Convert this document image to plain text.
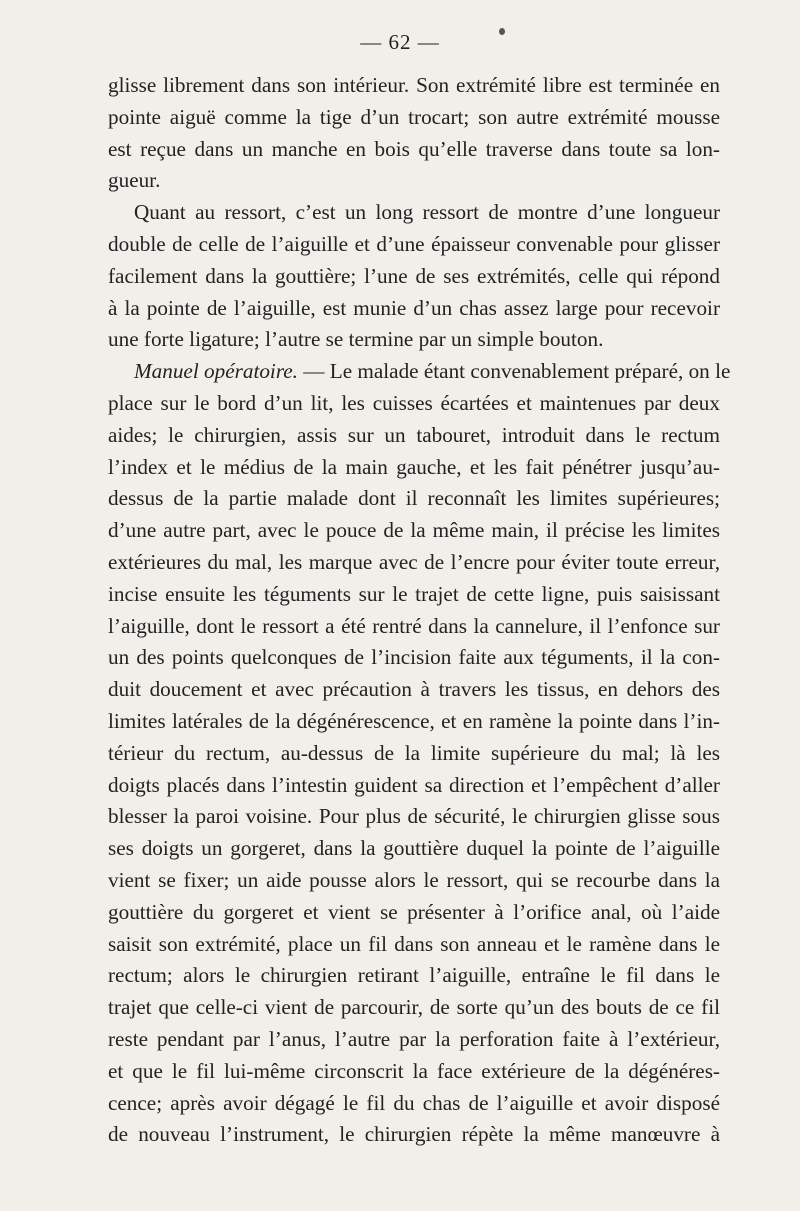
— 62 —
glisse librement dans son intérieur. Son extrémité libre est terminée en
pointe aiguë comme la tige d’un trocart; son autre extrémité mousse
est reçue dans un manche en bois qu’elle traverse dans toute sa lon-
gueur.
Quant au ressort, c’est un long ressort de montre d’une longueur
double de celle de l’aiguille et d’une épaisseur convenable pour glisser
facilement dans la gouttière; l’une de ses extrémités, celle qui répond
à la pointe de l’aiguille, est munie d’un chas assez large pour recevoir
une forte ligature; l’autre se termine par un simple bouton.
Manuel opératoire. — Le malade étant convenablement préparé, on le
place sur le bord d’un lit, les cuisses écartées et maintenues par deux
aides; le chirurgien, assis sur un tabouret, introduit dans le rectum
l’index et le médius de la main gauche, et les fait pénétrer jusqu’au-
dessus de la partie malade dont il reconnaît les limites supérieures;
d’une autre part, avec le pouce de la même main, il précise les limites
extérieures du mal, les marque avec de l’encre pour éviter toute erreur,
incise ensuite les téguments sur le trajet de cette ligne, puis saisissant
l’aiguille, dont le ressort a été rentré dans la cannelure, il l’enfonce sur
un des points quelconques de l’incision faite aux téguments, il la con-
duit doucement et avec précaution à travers les tissus, en dehors des
limites latérales de la dégénérescence, et en ramène la pointe dans l’in-
térieur du rectum, au-dessus de la limite supérieure du mal; là les
doigts placés dans l’intestin guident sa direction et l’empêchent d’aller
blesser la paroi voisine. Pour plus de sécurité, le chirurgien glisse sous
ses doigts un gorgeret, dans la gouttière duquel la pointe de l’aiguille
vient se fixer; un aide pousse alors le ressort, qui se recourbe dans la
gouttière du gorgeret et vient se présenter à l’orifice anal, où l’aide
saisit son extrémité, place un fil dans son anneau et le ramène dans le
rectum; alors le chirurgien retirant l’aiguille, entraîne le fil dans le
trajet que celle-ci vient de parcourir, de sorte qu’un des bouts de ce fil
reste pendant par l’anus, l’autre par la perforation faite à l’extérieur,
et que le fil lui-même circonscrit la face extérieure de la dégénéres-
cence; après avoir dégagé le fil du chas de l’aiguille et avoir disposé
de nouveau l’instrument, le chirurgien répète la même manœuvre à
